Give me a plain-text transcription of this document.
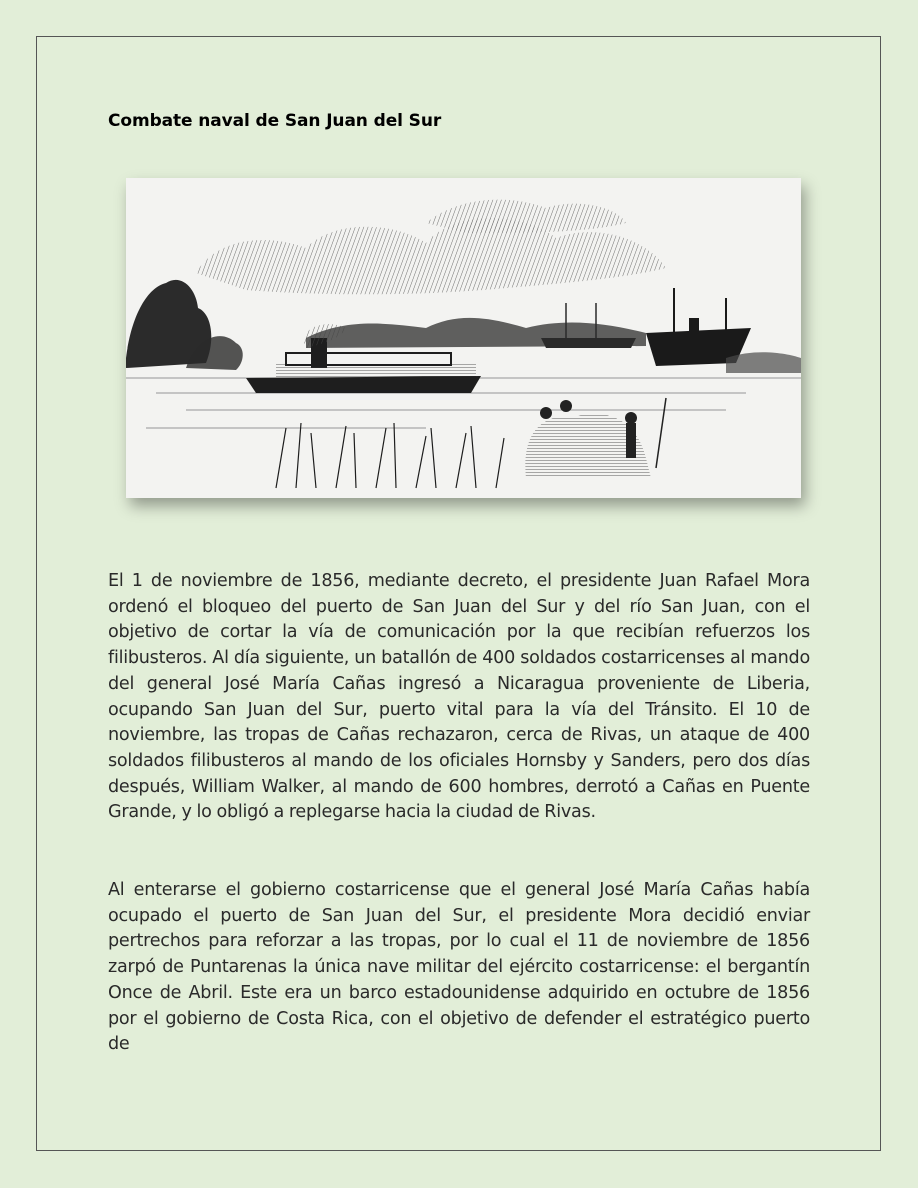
Combate naval de San Juan del Sur

El 1 de noviembre de 1856, mediante decreto, el presidente Juan Rafael Mora ordenó el bloqueo del puerto de San Juan del Sur y del río San Juan, con el objetivo de cortar la vía de comunicación por la que recibían refuerzos los filibusteros. Al día siguiente, un batallón de 400 soldados costarricenses al mando del general José María Cañas ingresó a Nicaragua proveniente de Liberia, ocupando San Juan del Sur, puerto vital para la vía del Tránsito. El 10 de noviembre, las tropas de Cañas rechazaron, cerca de Rivas, un ataque de 400 soldados filibusteros al mando de los oficiales Hornsby y Sanders, pero dos días después, William Walker, al mando de 600 hombres, derrotó a Cañas en Puente Grande, y lo obligó a replegarse hacia la ciudad de Rivas.

Al enterarse el gobierno costarricense que el general José María Cañas había ocupado el puerto de San Juan del Sur, el presidente Mora decidió enviar pertrechos para reforzar a las tropas, por lo cual el 11 de noviembre de 1856 zarpó de Puntarenas la única nave militar del ejército costarricense: el bergantín Once de Abril. Este era un barco estadounidense adquirido en octubre de 1856 por el gobierno de Costa Rica, con el objetivo de defender el estratégico puerto de
